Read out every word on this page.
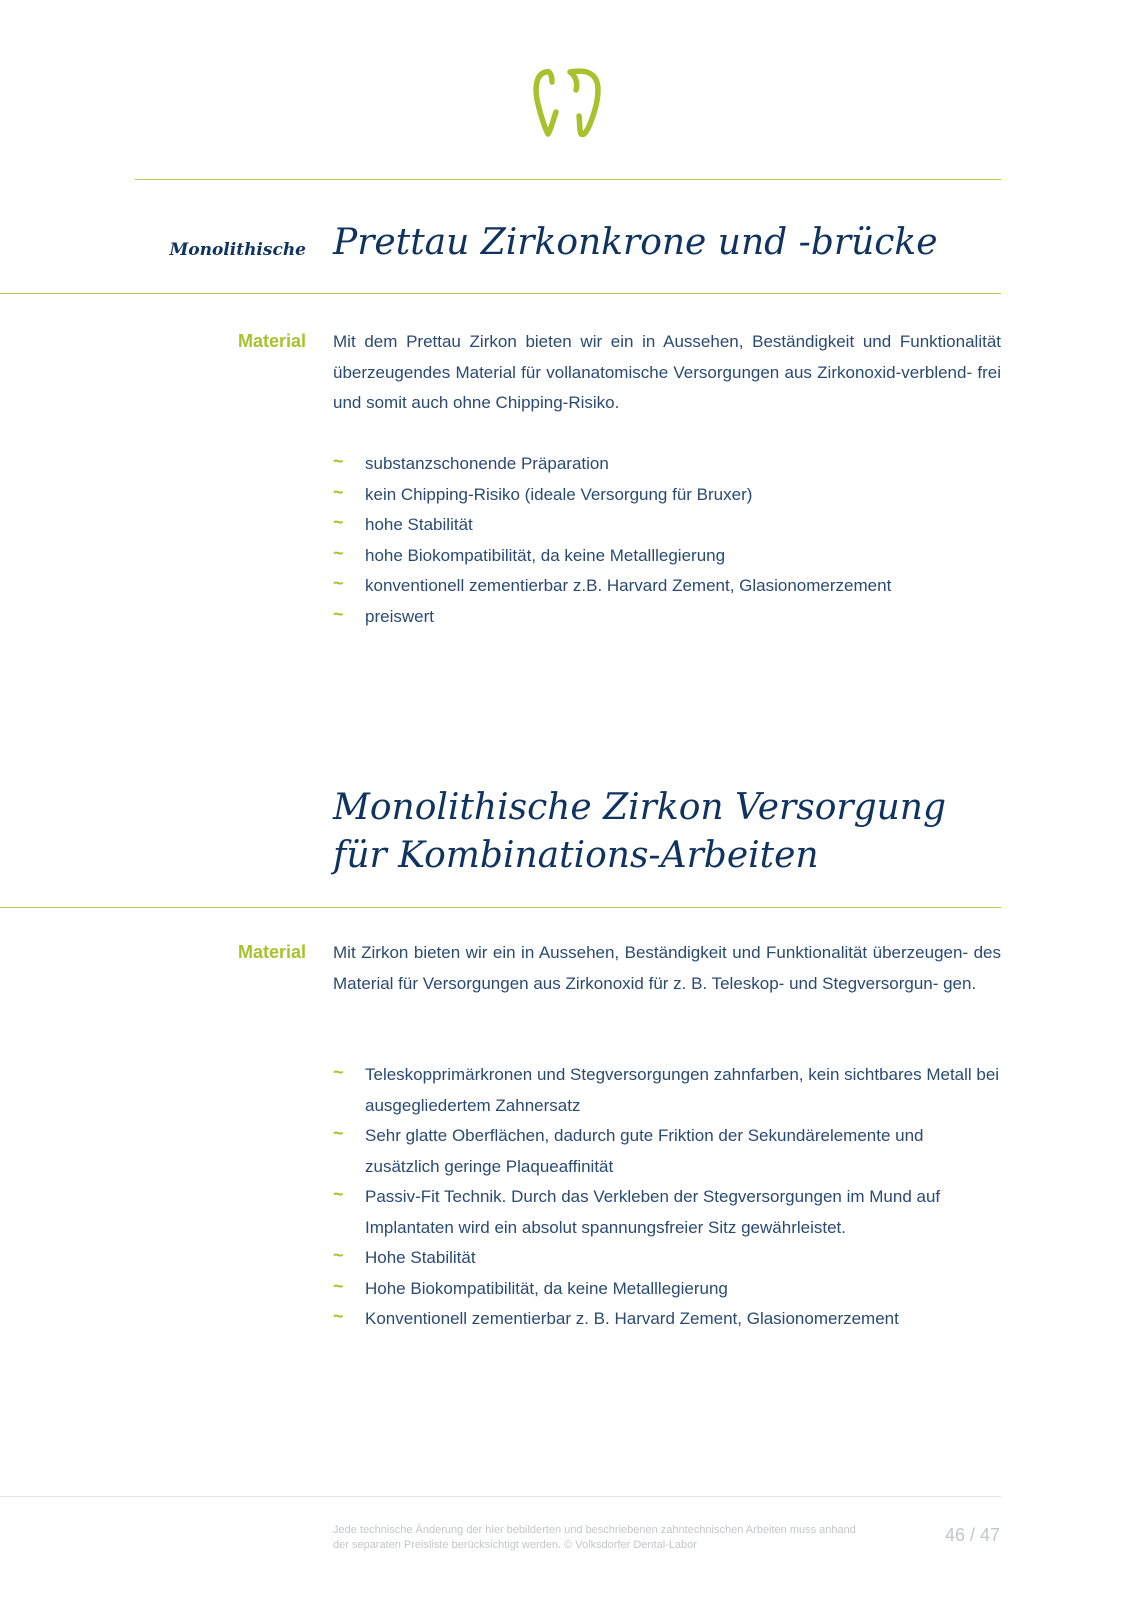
Monolithische Prettau Zirkonkrone und -brücke
Material Mit dem Prettau Zirkon bieten wir ein in Aussehen, Beständigkeit und Funktionalität überzeugendes Material für vollanatomische Versorgungen aus Zirkonoxid-verblend- frei und somit auch ohne Chipping-Risiko.

~ substanzschonende Präparation
~ kein Chipping-Risiko (ideale Versorgung für Bruxer)
~ hohe Stabilität
~ hohe Biokompatibilität, da keine Metalllegierung
~ konventionell zementierbar z.B. Harvard Zement, Glasionomerzement
~ preiswert
Monolithische Zirkon Versorgung
für Kombinations-Arbeiten
Material Mit Zirkon bieten wir ein in Aussehen, Beständigkeit und Funktionalität überzeugen- des Material für Versorgungen aus Zirkonoxid für z. B. Teleskop- und Stegversorgun- gen.

~ Teleskopprimärkronen und Stegversorgungen zahnfarben, kein sichtbares Metall bei ausgegliedertem Zahnersatz
~ Sehr glatte Oberflächen, dadurch gute Friktion der Sekundärelemente und zusätzlich geringe Plaqueaffinität
~ Passiv-Fit Technik. Durch das Verkleben der Stegversorgungen im Mund auf Implantaten wird ein absolut spannungsfreier Sitz gewährleistet.
~ Hohe Stabilität
~ Hohe Biokompatibilität, da keine Metalllegierung
~ Konventionell zementierbar z. B. Harvard Zement, Glasionomerzement
Jede technische Änderung der hier bebilderten und beschriebenen zahntechnischen Arbeiten muss anhand der separaten Preisliste berücksichtigt werden. © Volksdorfer Dental-Labor	46 / 47
